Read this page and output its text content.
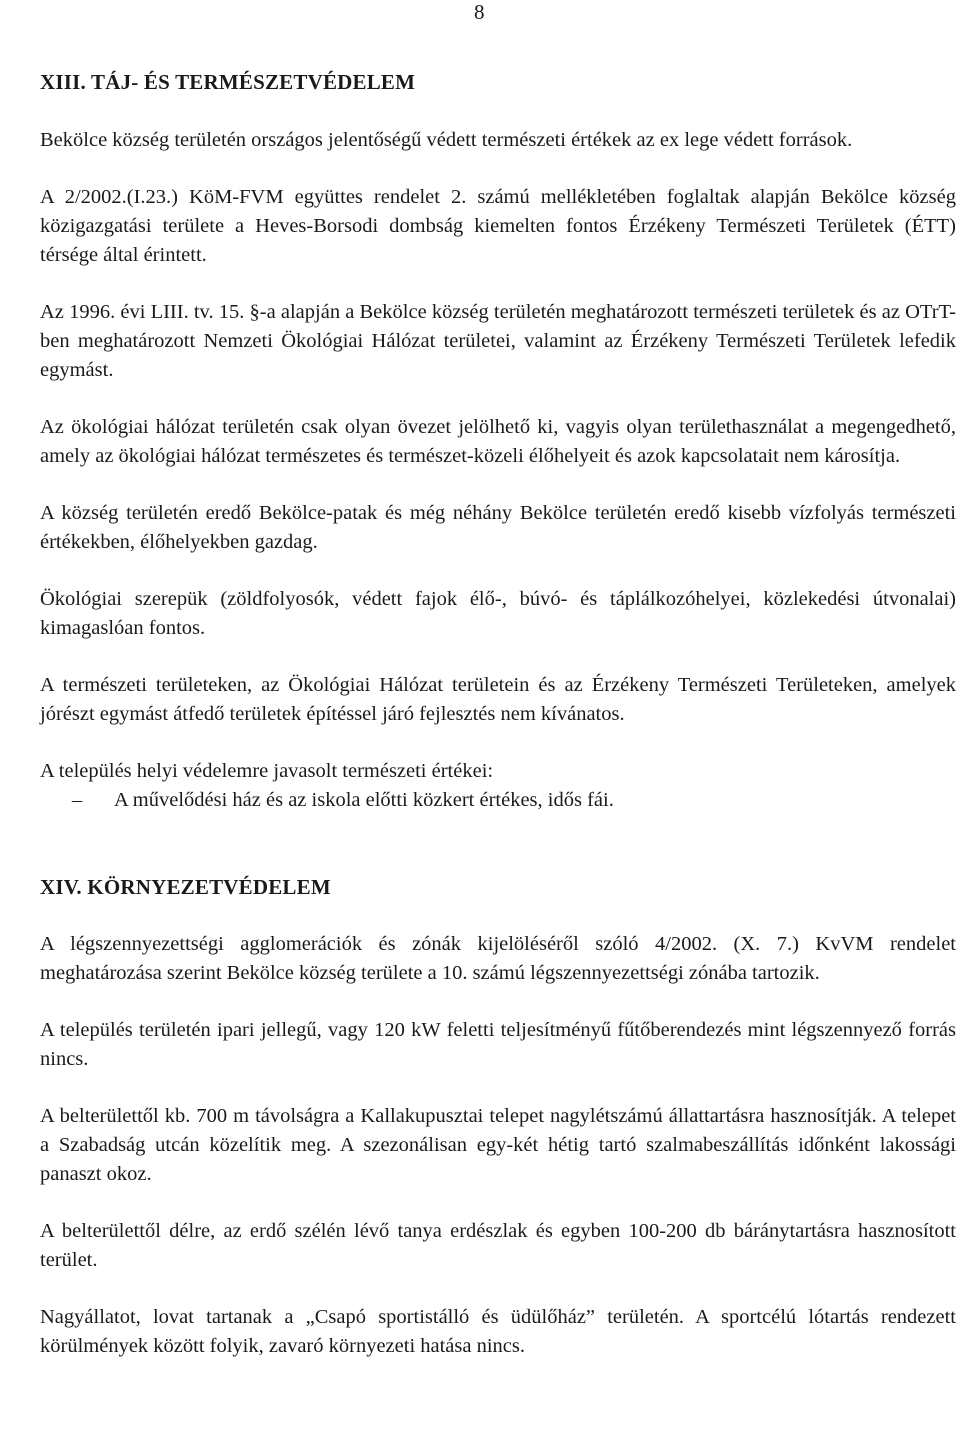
8
XIII. TÁJ- ÉS TERMÉSZETVÉDELEM

Bekölce község területén országos jelentőségű védett természeti értékek az ex lege védett források.

A 2/2002.(I.23.) KöM-FVM együttes rendelet 2. számú mellékletében foglaltak alapján Bekölce község közigazgatási területe a Heves-Borsodi dombság kiemelten fontos Érzékeny Természeti Területek (ÉTT) térsége által érintett.

Az 1996. évi LIII. tv. 15. §-a alapján a Bekölce község területén meghatározott természeti területek és az OTrT-ben meghatározott Nemzeti Ökológiai Hálózat területei, valamint az Érzékeny Természeti Területek lefedik egymást.

Az ökológiai hálózat területén csak olyan övezet jelölhető ki, vagyis olyan területhasználat a megengedhető, amely az ökológiai hálózat természetes és természet-közeli élőhelyeit és azok kapcsolatait nem károsítja.

A község területén eredő Bekölce-patak és még néhány Bekölce területén eredő kisebb vízfolyás természeti értékekben, élőhelyekben gazdag.

Ökológiai szerepük (zöldfolyosók, védett fajok élő-, búvó- és táplálkozóhelyei, közlekedési útvonalai) kimagaslóan fontos.

A természeti területeken, az Ökológiai Hálózat területein és az Érzékeny Természeti Területeken, amelyek jórészt egymást átfedő területek építéssel járó fejlesztés nem kívánatos.

A település helyi védelemre javasolt természeti értékei:

–	A művelődési ház és az iskola előtti közkert értékes, idős fái.
XIV. KÖRNYEZETVÉDELEM

A légszennyezettségi agglomerációk és zónák kijelöléséről szóló 4/2002. (X. 7.) KvVM rendelet meghatározása szerint Bekölce község területe a 10. számú légszennyezettségi zónába tartozik.

A település területén ipari jellegű, vagy 120 kW feletti teljesítményű fűtőberendezés mint légszennyező forrás nincs.

A belterülettől kb. 700 m távolságra a Kallakupusztai telepet nagylétszámú állattartásra hasznosítják. A telepet a Szabadság utcán közelítik meg. A szezonálisan egy-két hétig tartó szalmabeszállítás időnként lakossági panaszt okoz.

A belterülettől délre, az erdő szélén lévő tanya erdészlak és egyben 100-200 db báránytartásra hasznosított terület.

Nagyállatot, lovat tartanak a „Csapó sportistálló és üdülőház” területén. A sportcélú lótartás rendezett körülmények között folyik, zavaró környezeti hatása nincs.
